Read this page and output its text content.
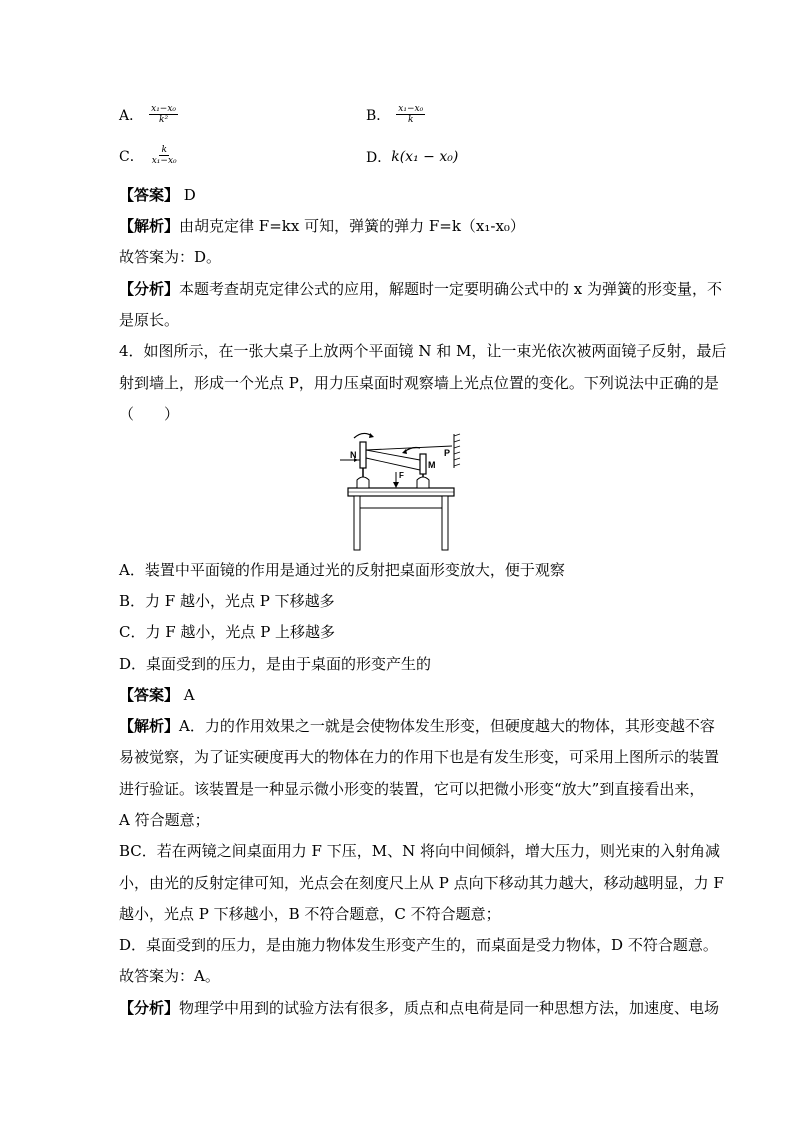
A． $\frac{\text{x₁−x₀}}{\text{k²}}$	B． $\frac{\text{x₁−x₀}}{k}$
C． $\frac{k}{\text{x₁−x₀}}$	D． k(x₁ − x₀)
【答案】 D
【解析】由胡克定律 F=kx 可知，弹簧的弹力 F=k（x₁-x₀）
故答案为：D。
【分析】本题考查胡克定律公式的应用，解题时一定要明确公式中的 x 为弹簧的形变量，不
是原长。
4．如图所示，在一张大桌子上放两个平面镜 N 和 M，让一束光依次被两面镜子反射，最后
射到墙上，形成一个光点 P，用力压桌面时观察墙上光点位置的变化。下列说法中正确的是
（　　）
N
M
F
P
A．装置中平面镜的作用是通过光的反射把桌面形变放大，便于观察
B．力 F 越小，光点 P 下移越多
C．力 F 越小，光点 P 上移越多
D．桌面受到的压力，是由于桌面的形变产生的
【答案】 A
【解析】A．力的作用效果之一就是会使物体发生形变，但硬度越大的物体，其形变越不容
易被觉察，为了证实硬度再大的物体在力的作用下也是有发生形变，可采用上图所示的装置
进行验证。该装置是一种显示微小形变的装置，它可以把微小形变“放大”到直接看出来，
A 符合题意；
BC．若在两镜之间桌面用力 F 下压，M、N 将向中间倾斜，增大压力，则光束的入射角减
小，由光的反射定律可知，光点会在刻度尺上从 P 点向下移动其力越大，移动越明显，力 F
越小，光点 P 下移越小，B 不符合题意，C 不符合题意；
D．桌面受到的压力，是由施力物体发生形变产生的，而桌面是受力物体，D 不符合题意。
故答案为：A。
【分析】物理学中用到的试验方法有很多，质点和点电荷是同一种思想方法，加速度、电场
